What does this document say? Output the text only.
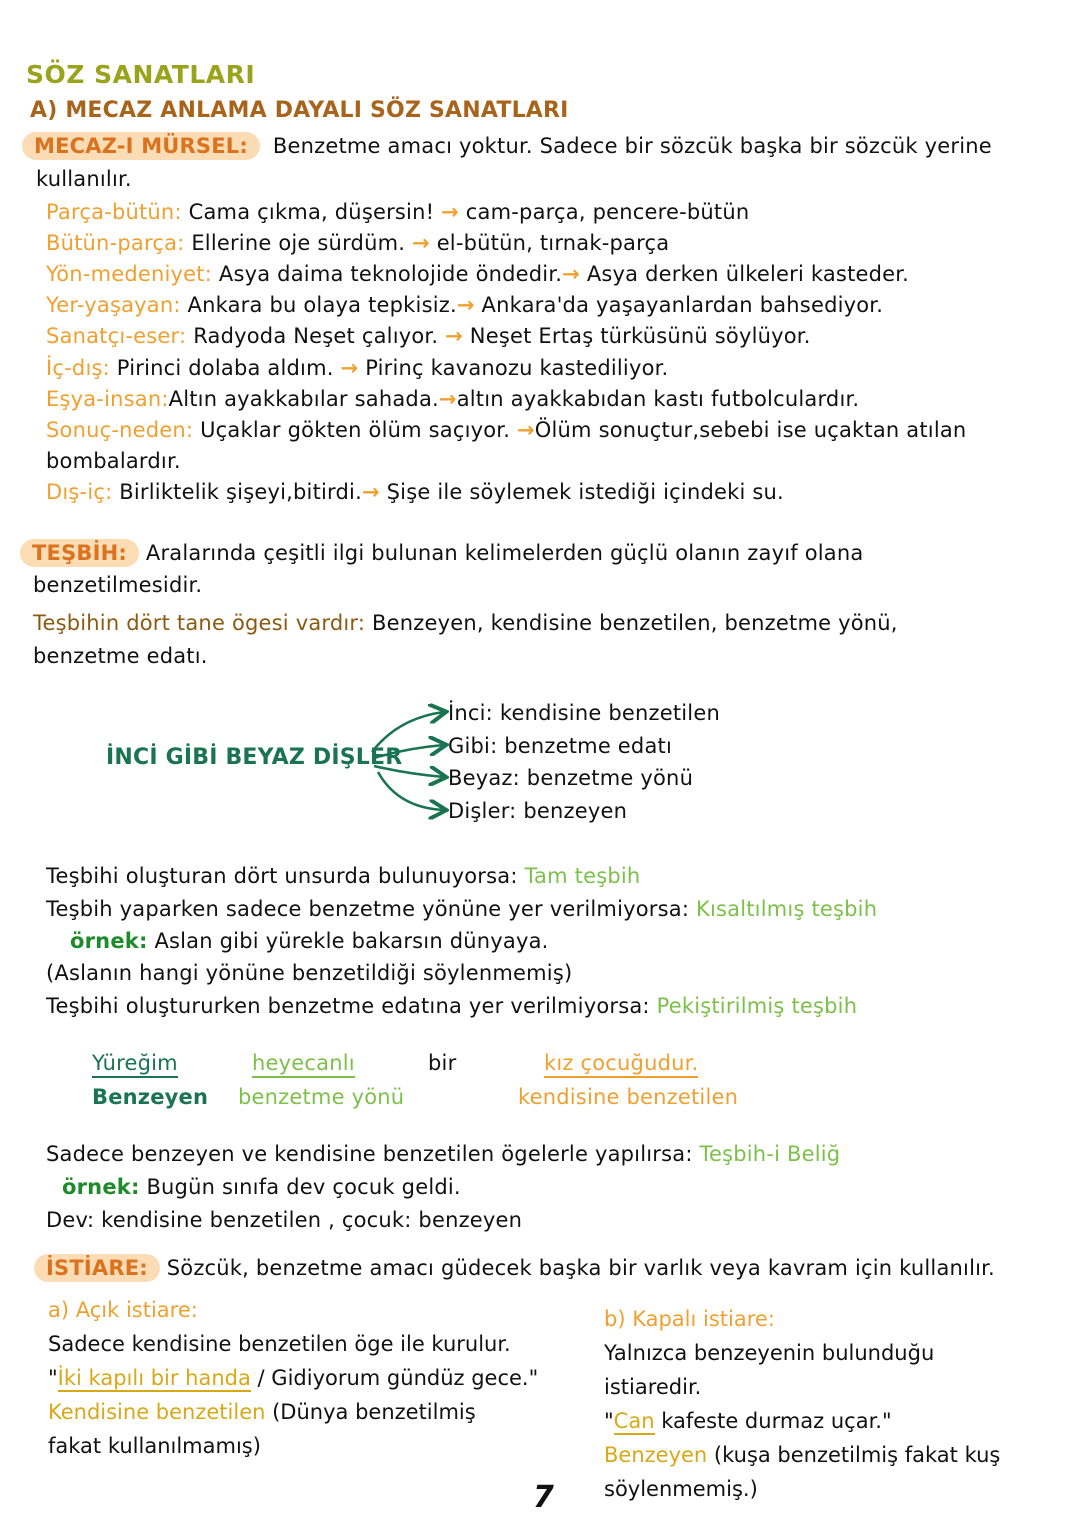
SÖZ SANATLARI
A) MECAZ ANLAMA DAYALI SÖZ SANATLARI
MECAZ-I MÜRSEL: Benzetme amacı yoktur. Sadece bir sözcük başka bir sözcük yerine
kullanılır.
Parça-bütün: Cama çıkma, düşersin! → cam-parça, pencere-bütün
Bütün-parça: Ellerine oje sürdüm. → el-bütün, tırnak-parça
Yön-medeniyet: Asya daima teknolojide öndedir.→ Asya derken ülkeleri kasteder.
Yer-yaşayan: Ankara bu olaya tepkisiz.→ Ankara'da yaşayanlardan bahsediyor.
Sanatçı-eser: Radyoda Neşet çalıyor. → Neşet Ertaş türküsünü söylüyor.
İç-dış: Pirinci dolaba aldım. → Pirinç kavanozu kastediliyor.
Eşya-insan:Altın ayakkabılar sahada.→altın ayakkabıdan kastı futbolculardır.
Sonuç-neden: Uçaklar gökten ölüm saçıyor. →Ölüm sonuçtur,sebebi ise uçaktan atılan
bombalardır.
Dış-iç: Birliktelik şişeyi,bitirdi.→ Şişe ile söylemek istediği içindeki su.
TEŞBİH: Aralarında çeşitli ilgi bulunan kelimelerden güçlü olanın zayıf olana
benzetilmesidir.
Teşbihin dört tane ögesi vardır: Benzeyen, kendisine benzetilen, benzetme yönü,
benzetme edatı.
İNCİ GİBİ BEYAZ DİŞLER
İnci: kendisine benzetilen
Gibi: benzetme edatı
Beyaz: benzetme yönü
Dişler: benzeyen
Teşbihi oluşturan dört unsurda bulunuyorsa: Tam teşbih
Teşbih yaparken sadece benzetme yönüne yer verilmiyorsa: Kısaltılmış teşbih
örnek: Aslan gibi yürekle bakarsın dünyaya.
(Aslanın hangi yönüne benzetildiği söylenmemiş)
Teşbihi oluştururken benzetme edatına yer verilmiyorsa: Pekiştirilmiş teşbih
Yüreğim
Benzeyen
heyecanlı
benzetme yönü
bir	kız çocuğudur.
kendisine benzetilen
Sadece benzeyen ve kendisine benzetilen ögelerle yapılırsa: Teşbih-i Beliğ
örnek: Bugün sınıfa dev çocuk geldi.
Dev: kendisine benzetilen , çocuk: benzeyen
İSTİARE: Sözcük, benzetme amacı güdecek başka bir varlık veya kavram için kullanılır.
a) Açık istiare:
Sadece kendisine benzetilen öge ile kurulur.
"İki kapılı bir handa / Gidiyorum gündüz gece."
Kendisine benzetilen (Dünya benzetilmiş
fakat kullanılmamış)
b) Kapalı istiare:
Yalnızca benzeyenin bulunduğu
istiaredir.
"Can kafeste durmaz uçar."
Benzeyen (kuşa benzetilmiş fakat kuş
söylenmemiş.)
7
